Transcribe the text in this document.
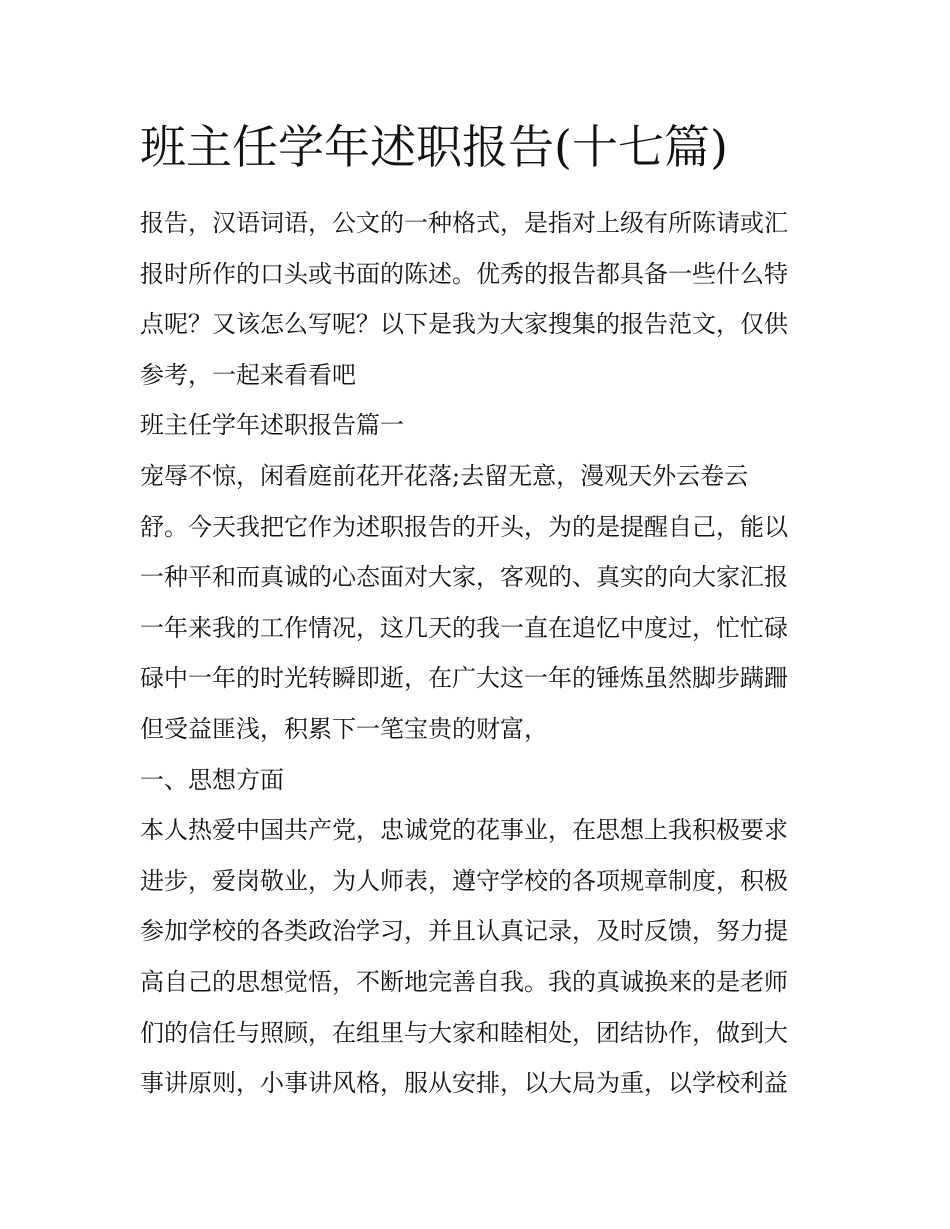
班主任学年述职报告(十七篇)
报告，汉语词语，公文的一种格式，是指对上级有所陈请或汇
报时所作的口头或书面的陈述。优秀的报告都具备一些什么特
点呢？又该怎么写呢？以下是我为大家搜集的报告范文，仅供
参考，一起来看看吧
班主任学年述职报告篇一
宠辱不惊，闲看庭前花开花落;去留无意，漫观天外云卷云
舒。今天我把它作为述职报告的开头，为的是提醒自己，能以
一种平和而真诚的心态面对大家，客观的、真实的向大家汇报
一年来我的工作情况，这几天的我一直在追忆中度过，忙忙碌
碌中一年的时光转瞬即逝，在广大这一年的锤炼虽然脚步蹒跚
但受益匪浅，积累下一笔宝贵的财富，
一、思想方面
本人热爱中国共产党，忠诚党的花事业，在思想上我积极要求
进步，爱岗敬业，为人师表，遵守学校的各项规章制度，积极
参加学校的各类政治学习，并且认真记录，及时反馈，努力提
高自己的思想觉悟，不断地完善自我。我的真诚换来的是老师
们的信任与照顾，在组里与大家和睦相处，团结协作，做到大
事讲原则，小事讲风格，服从安排，以大局为重，以学校利益
